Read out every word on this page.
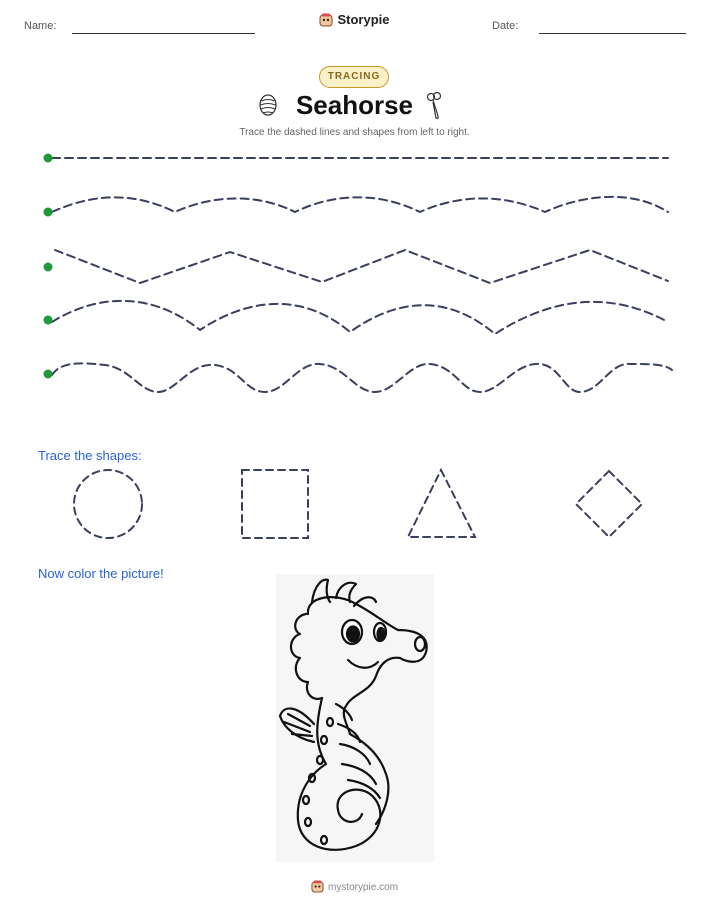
Name:	Storypie	Date:
TRACING
Seahorse
Trace the dashed lines and shapes from left to right.
Trace the shapes:
Now color the picture!
mystorypie.com
